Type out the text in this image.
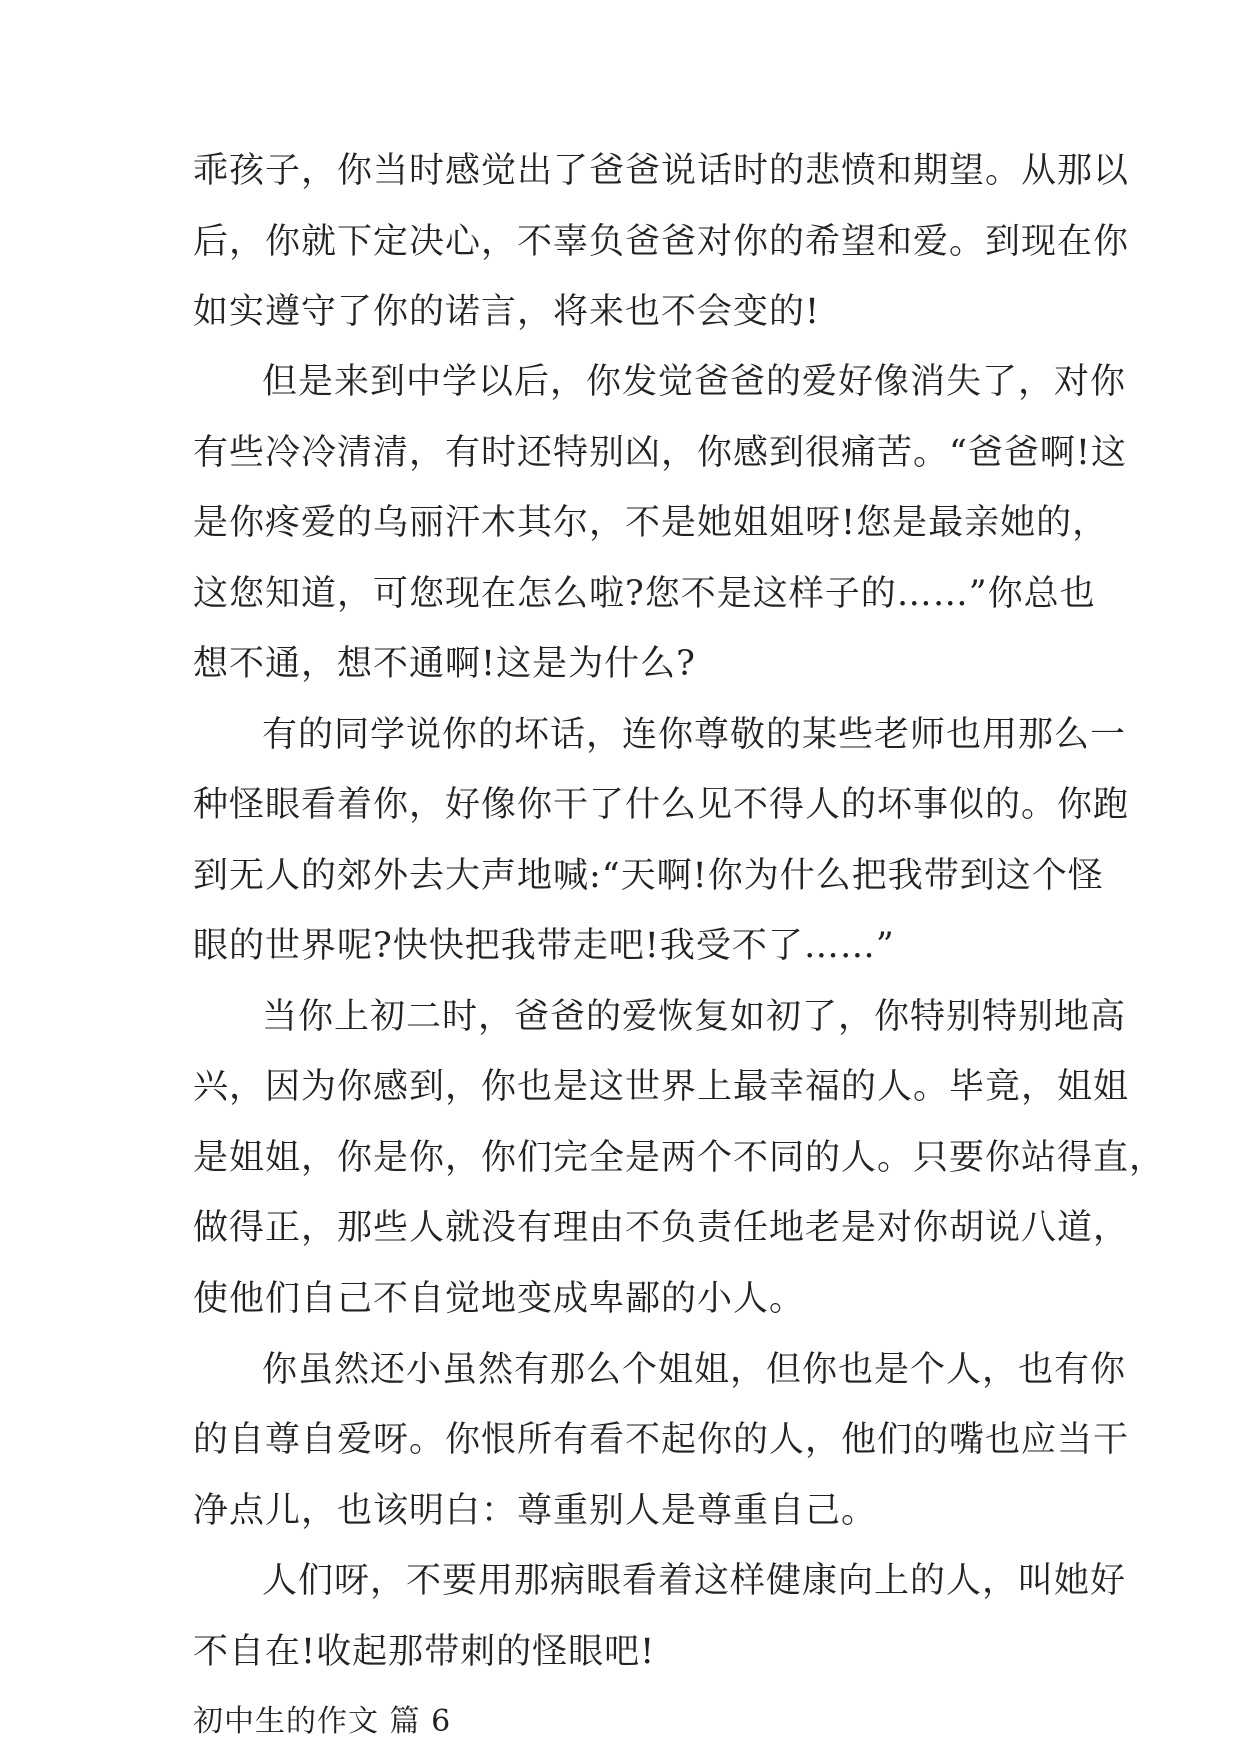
乖孩子，你当时感觉出了爸爸说话时的悲愤和期望。从那以
后，你就下定决心，不辜负爸爸对你的希望和爱。到现在你
如实遵守了你的诺言，将来也不会变的!
但是来到中学以后，你发觉爸爸的爱好像消失了，对你
有些冷冷清清，有时还特别凶，你感到很痛苦。“爸爸啊!这
是你疼爱的乌丽汗木其尔，不是她姐姐呀!您是最亲她的，
这您知道，可您现在怎么啦?您不是这样子的……”你总也
想不通，想不通啊!这是为什么?
有的同学说你的坏话，连你尊敬的某些老师也用那么一
种怪眼看着你，好像你干了什么见不得人的坏事似的。你跑
到无人的郊外去大声地喊:“天啊!你为什么把我带到这个怪
眼的世界呢?快快把我带走吧!我受不了……”
当你上初二时，爸爸的爱恢复如初了，你特别特别地高
兴，因为你感到，你也是这世界上最幸福的人。毕竟，姐姐
是姐姐，你是你，你们完全是两个不同的人。只要你站得直，
做得正，那些人就没有理由不负责任地老是对你胡说八道，
使他们自己不自觉地变成卑鄙的小人。
你虽然还小虽然有那么个姐姐，但你也是个人，也有你
的自尊自爱呀。你恨所有看不起你的人，他们的嘴也应当干
净点儿，也该明白：尊重别人是尊重自己。
人们呀，不要用那病眼看着这样健康向上的人，叫她好
不自在!收起那带刺的怪眼吧!
初中生的作文 篇 6
